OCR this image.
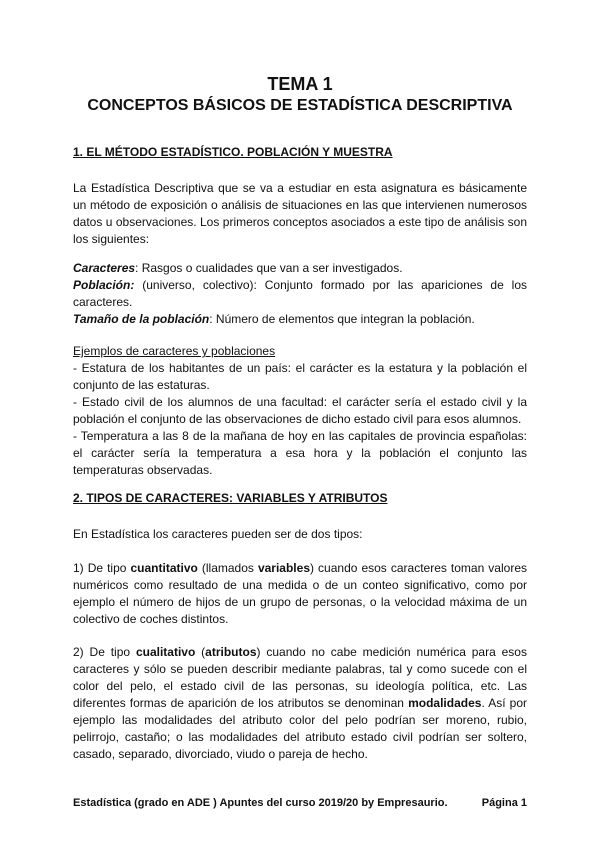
TEMA 1
CONCEPTOS BÁSICOS DE ESTADÍSTICA DESCRIPTIVA
1. EL MÉTODO ESTADÍSTICO. POBLACIÓN Y MUESTRA
La Estadística Descriptiva que se va a estudiar en esta asignatura es básicamente un método de exposición o análisis de situaciones en las que intervienen numerosos datos u observaciones. Los primeros conceptos asociados a este tipo de análisis son los siguientes:
Caracteres: Rasgos o cualidades que van a ser investigados.
Población: (universo, colectivo): Conjunto formado por las apariciones de los caracteres.
Tamaño de la población: Número de elementos que integran la población.
Ejemplos de caracteres y poblaciones
- Estatura de los habitantes de un país: el carácter es la estatura y la población el conjunto de las estaturas.
- Estado civil de los alumnos de una facultad: el carácter sería el estado civil y la población el conjunto de las observaciones de dicho estado civil para esos alumnos.
- Temperatura a las 8 de la mañana de hoy en las capitales de provincia españolas: el carácter sería la temperatura a esa hora y la población el conjunto las temperaturas observadas.
2. TIPOS DE CARACTERES: VARIABLES Y ATRIBUTOS
En Estadística los caracteres pueden ser de dos tipos:
1) De tipo cuantitativo (llamados variables) cuando esos caracteres toman valores numéricos como resultado de una medida o de un conteo significativo, como por ejemplo el número de hijos de un grupo de personas, o la velocidad máxima de un colectivo de coches distintos.
2) De tipo cualitativo (atributos) cuando no cabe medición numérica para esos caracteres y sólo se pueden describir mediante palabras, tal y como sucede con el color del pelo, el estado civil de las personas, su ideología política, etc. Las diferentes formas de aparición de los atributos se denominan modalidades. Así por ejemplo las modalidades del atributo color del pelo podrían ser moreno, rubio, pelirrojo, castaño; o las modalidades del atributo estado civil podrían ser soltero, casado, separado, divorciado, viudo o pareja de hecho.
Estadística (grado en ADE ) Apuntes del curso 2019/20 by Empresaurio.	Página 1
